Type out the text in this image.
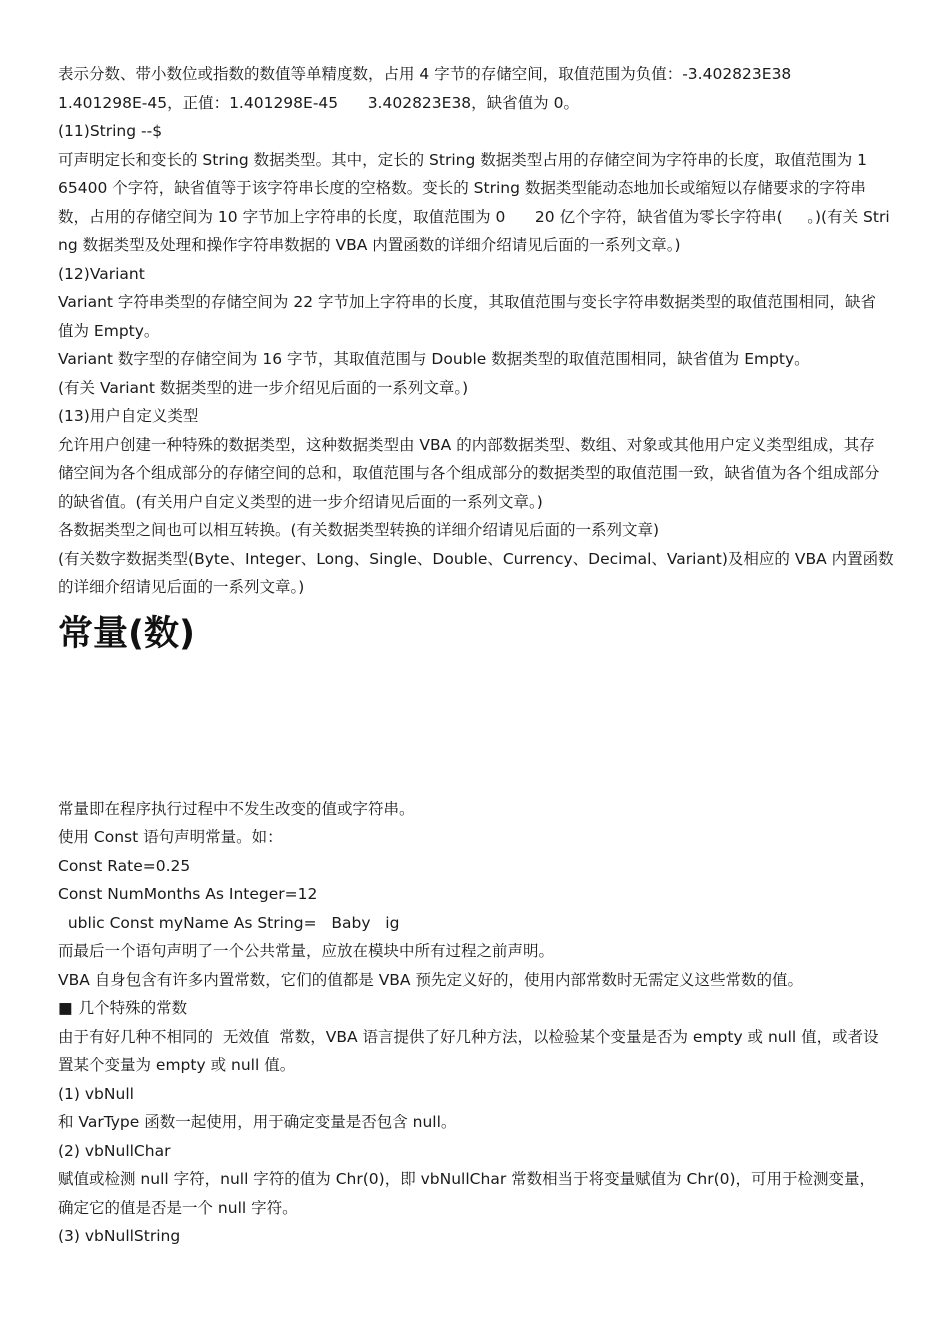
表示分数、带小数位或指数的数值等单精度数，占用 4 字节的存储空间，取值范围为负值：-3.402823E38

1.401298E-45，正值：1.401298E-45      3.402823E38，缺省值为 0。

(11)String --$

可声明定长和变长的 String 数据类型。其中，定长的 String 数据类型占用的存储空间为字符串的长度，取值范围为 1      65400 个字符，缺省值等于该字符串长度的空格数。变长的 String 数据类型能动态地加长或缩短以存储要求的字符串数，占用的存储空间为 10 字节加上字符串的长度，取值范围为 0      20 亿个字符，缺省值为零长字符串(     。)(有关 String 数据类型及处理和操作字符串数据的 VBA 内置函数的详细介绍请见后面的一系列文章。)

(12)Variant

Variant 字符串类型的存储空间为 22 字节加上字符串的长度，其取值范围与变长字符串数据类型的取值范围相同，缺省值为 Empty。

Variant 数字型的存储空间为 16 字节，其取值范围与 Double 数据类型的取值范围相同，缺省值为 Empty。

(有关 Variant 数据类型的进一步介绍见后面的一系列文章。)

(13)用户自定义类型

允许用户创建一种特殊的数据类型，这种数据类型由 VBA 的内部数据类型、数组、对象或其他用户定义类型组成，其存储空间为各个组成部分的存储空间的总和，取值范围与各个组成部分的数据类型的取值范围一致，缺省值为各个组成部分的缺省值。(有关用户自定义类型的进一步介绍请见后面的一系列文章。)

各数据类型之间也可以相互转换。(有关数据类型转换的详细介绍请见后面的一系列文章)

(有关数字数据类型(Byte、Integer、Long、Single、Double、Currency、Decimal、Variant)及相应的 VBA 内置函数的详细介绍请见后面的一系列文章。)

常量(数)

常量即在程序执行过程中不发生改变的值或字符串。

使用 Const 语句声明常量。如：

Const Rate=0.25

Const NumMonths As Integer=12

ublic Const myName As String=   Baby   ig

而最后一个语句声明了一个公共常量，应放在模块中所有过程之前声明。

VBA 自身包含有许多内置常数，它们的值都是 VBA 预先定义好的，使用内部常数时无需定义这些常数的值。

■ 几个特殊的常数

由于有好几种不相同的  无效值  常数，VBA 语言提供了好几种方法，以检验某个变量是否为 empty 或 null 值，或者设置某个变量为 empty 或 null 值。

(1) vbNull

和 VarType 函数一起使用，用于确定变量是否包含 null。

(2) vbNullChar

赋值或检测 null 字符，null 字符的值为 Chr(0)，即 vbNullChar 常数相当于将变量赋值为 Chr(0)，可用于检测变量，确定它的值是否是一个 null 字符。

(3) vbNullString
